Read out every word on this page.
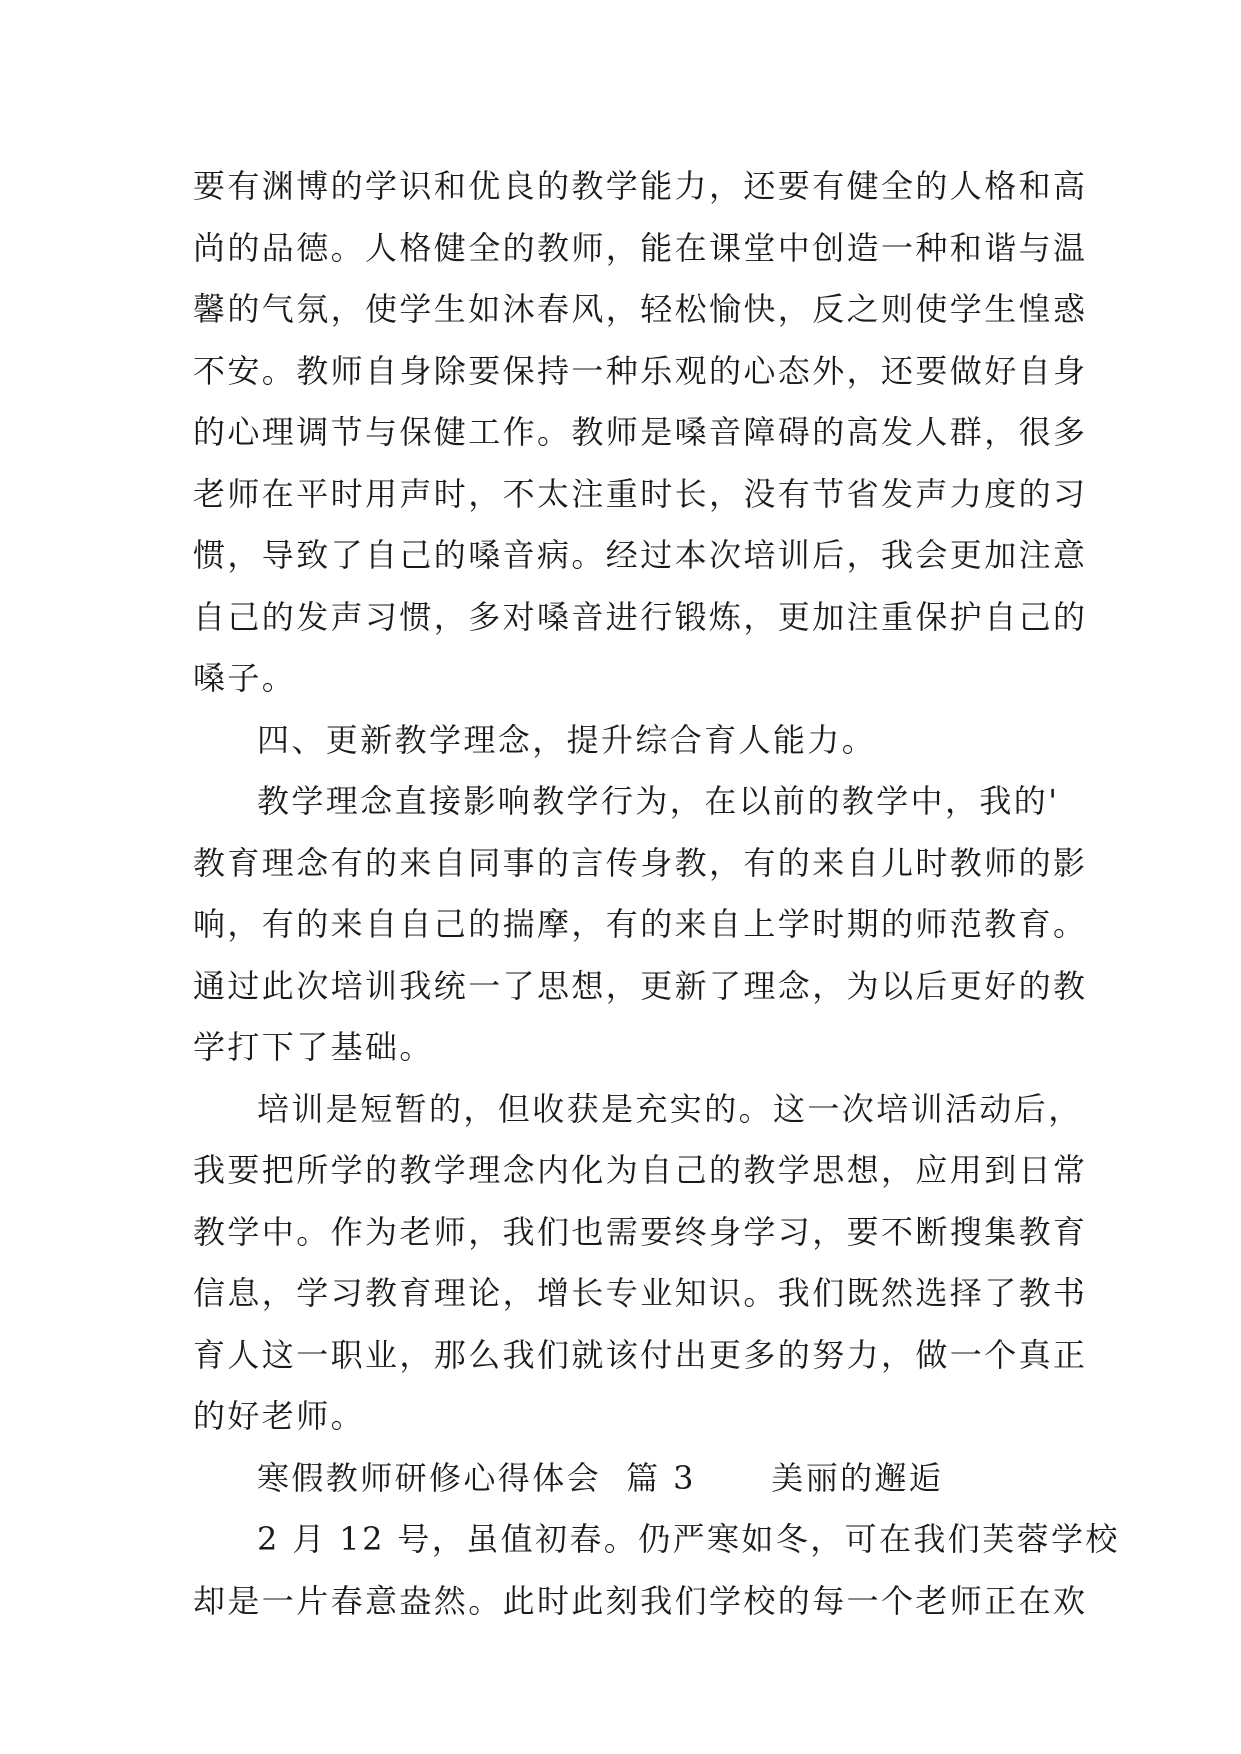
要有渊博的学识和优良的教学能力，还要有健全的人格和高
尚的品德。人格健全的教师，能在课堂中创造一种和谐与温
馨的气氛，使学生如沐春风，轻松愉快，反之则使学生惶惑
不安。教师自身除要保持一种乐观的心态外，还要做好自身
的心理调节与保健工作。教师是嗓音障碍的高发人群，很多
老师在平时用声时，不太注重时长，没有节省发声力度的习
惯，导致了自己的嗓音病。经过本次培训后，我会更加注意
自己的发声习惯，多对嗓音进行锻炼，更加注重保护自己的
嗓子。
四、更新教学理念，提升综合育人能力。
教学理念直接影响教学行为，在以前的教学中，我的'
教育理念有的来自同事的言传身教，有的来自儿时教师的影
响，有的来自自己的揣摩，有的来自上学时期的师范教育。
通过此次培训我统一了思想，更新了理念，为以后更好的教
学打下了基础。
培训是短暂的，但收获是充实的。这一次培训活动后，
我要把所学的教学理念内化为自己的教学思想，应用到日常
教学中。作为老师，我们也需要终身学习，要不断搜集教育
信息，学习教育理论，增长专业知识。我们既然选择了教书
育人这一职业，那么我们就该付出更多的努力，做一个真正
的好老师。
寒假教师研修心得体会  篇 3      美丽的邂逅
2 月 12 号，虽值初春。仍严寒如冬，可在我们芙蓉学校
却是一片春意盎然。此时此刻我们学校的每一个老师正在欢
